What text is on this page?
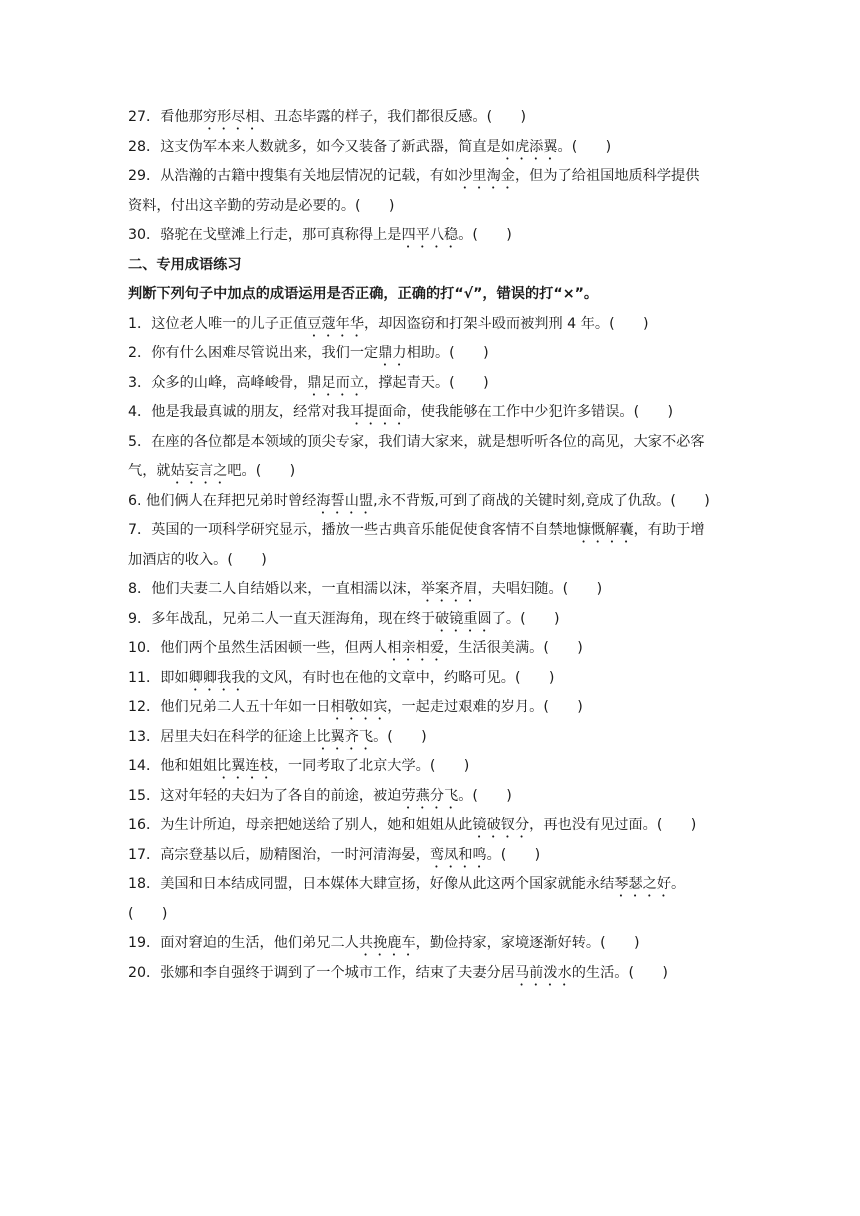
27．看他那穷形尽相、丑态毕露的样子，我们都很反感。(　　)
28．这支伪军本来人数就多，如今又装备了新武器，简直是如虎添翼。(　　)
29．从浩瀚的古籍中搜集有关地层情况的记载，有如沙里淘金，但为了给祖国地质科学提供
资料，付出这辛勤的劳动是必要的。(　　)
30．骆驼在戈壁滩上行走，那可真称得上是四平八稳。(　　)
二、专用成语练习
判断下列句子中加点的成语运用是否正确，正确的打“√”，错误的打“×”。
1．这位老人唯一的儿子正值豆蔻年华，却因盗窃和打架斗殴而被判刑 4 年。(　　)
2．你有什么困难尽管说出来，我们一定鼎力相助。(　　)
3．众多的山峰，高峰峻骨，鼎足而立，撑起青天。(　　)
4．他是我最真诚的朋友，经常对我耳提面命，使我能够在工作中少犯许多错误。(　　)
5．在座的各位都是本领域的顶尖专家，我们请大家来，就是想听听各位的高见，大家不必客
气，就姑妄言之吧。(　　)
6. 他们俩人在拜把兄弟时曾经海誓山盟,永不背叛,可到了商战的关键时刻,竟成了仇敌。(　　)
7．英国的一项科学研究显示，播放一些古典音乐能促使食客情不自禁地慷慨解囊，有助于增
加酒店的收入。(　　)
8．他们夫妻二人自结婚以来，一直相濡以沫，举案齐眉，夫唱妇随。(　　)
9．多年战乱，兄弟二人一直天涯海角，现在终于破镜重圆了。(　　)
10．他们两个虽然生活困顿一些，但两人相亲相爱，生活很美满。(　　)
11．即如卿卿我我的文风，有时也在他的文章中，约略可见。(　　)
12．他们兄弟二人五十年如一日相敬如宾，一起走过艰难的岁月。(　　)
13．居里夫妇在科学的征途上比翼齐飞。(　　)
14．他和姐姐比翼连枝，一同考取了北京大学。(　　)
15．这对年轻的夫妇为了各自的前途，被迫劳燕分飞。(　　)
16．为生计所迫，母亲把她送给了别人，她和姐姐从此镜破钗分，再也没有见过面。(　　)
17．高宗登基以后，励精图治，一时河清海晏，鸾凤和鸣。(　　)
18．美国和日本结成同盟，日本媒体大肆宣扬，好像从此这两个国家就能永结琴瑟之好。
(　　)
19．面对窘迫的生活，他们弟兄二人共挽鹿车，勤俭持家，家境逐渐好转。(　　)
20．张娜和李自强终于调到了一个城市工作，结束了夫妻分居马前泼水的生活。(　　)
